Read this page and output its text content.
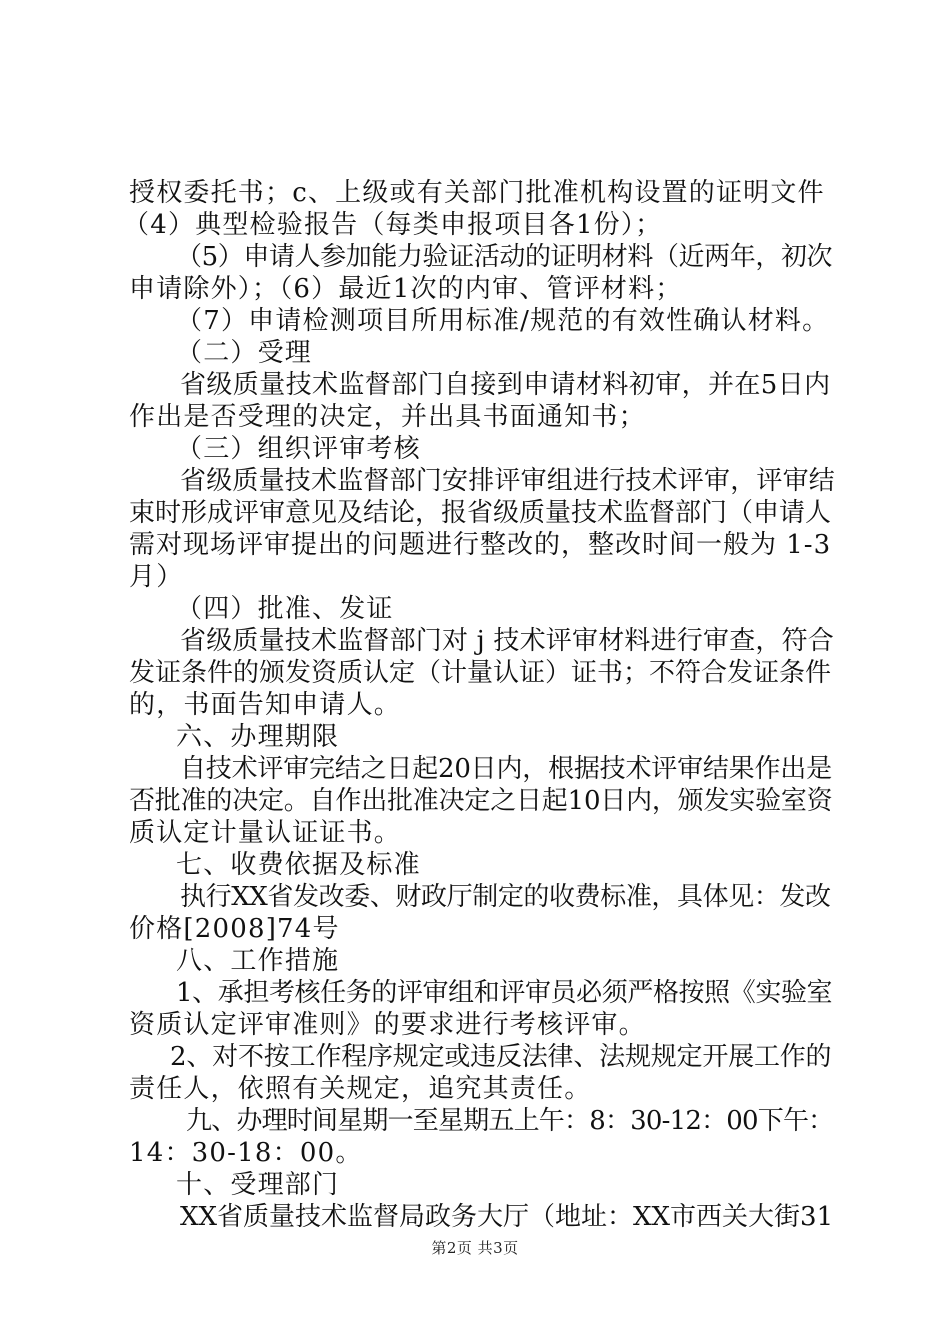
授权委托书；c、上级或有关部门批准机构设置的证明文件
（4）典型检验报告（每类申报项目各1份）；
（5）申请人参加能力验证活动的证明材料（近两年，初次
申请除外）；（6）最近1次的内审、管评材料；
（7）申请检测项目所用标准/规范的有效性确认材料。
（二）受理
省级质量技术监督部门自接到申请材料初审，并在5日内
作出是否受理的决定，并出具书面通知书；
（三）组织评审考核
省级质量技术监督部门安排评审组进行技术评审，评审结
束时形成评审意见及结论，报省级质量技术监督部门（申请人
需对现场评审提出的问题进行整改的，整改时间一般为 1-3
月）
（四）批准、发证
省级质量技术监督部门对 j 技术评审材料进行审查，符合
发证条件的颁发资质认定（计量认证）证书；不符合发证条件
的，书面告知申请人。
六、办理期限
自技术评审完结之日起20日内，根据技术评审结果作出是
否批准的决定。自作出批准决定之日起10日内，颁发实验室资
质认定计量认证证书。
七、收费依据及标准
执行XX省发改委、财政厅制定的收费标准，具体见：发改
价格[2008]74号
八、工作措施
1、承担考核任务的评审组和评审员必须严格按照《实验室
资质认定评审准则》的要求进行考核评审。
2、对不按工作程序规定或违反法律、法规规定开展工作的
责任人，依照有关规定，追究其责任。
九、办理时间星期一至星期五上午：8：30-12：00下午：
14：30-18：00。
十、受理部门
XX省质量技术监督局政务大厅（地址：XX市西关大街31
第2页 共3页
